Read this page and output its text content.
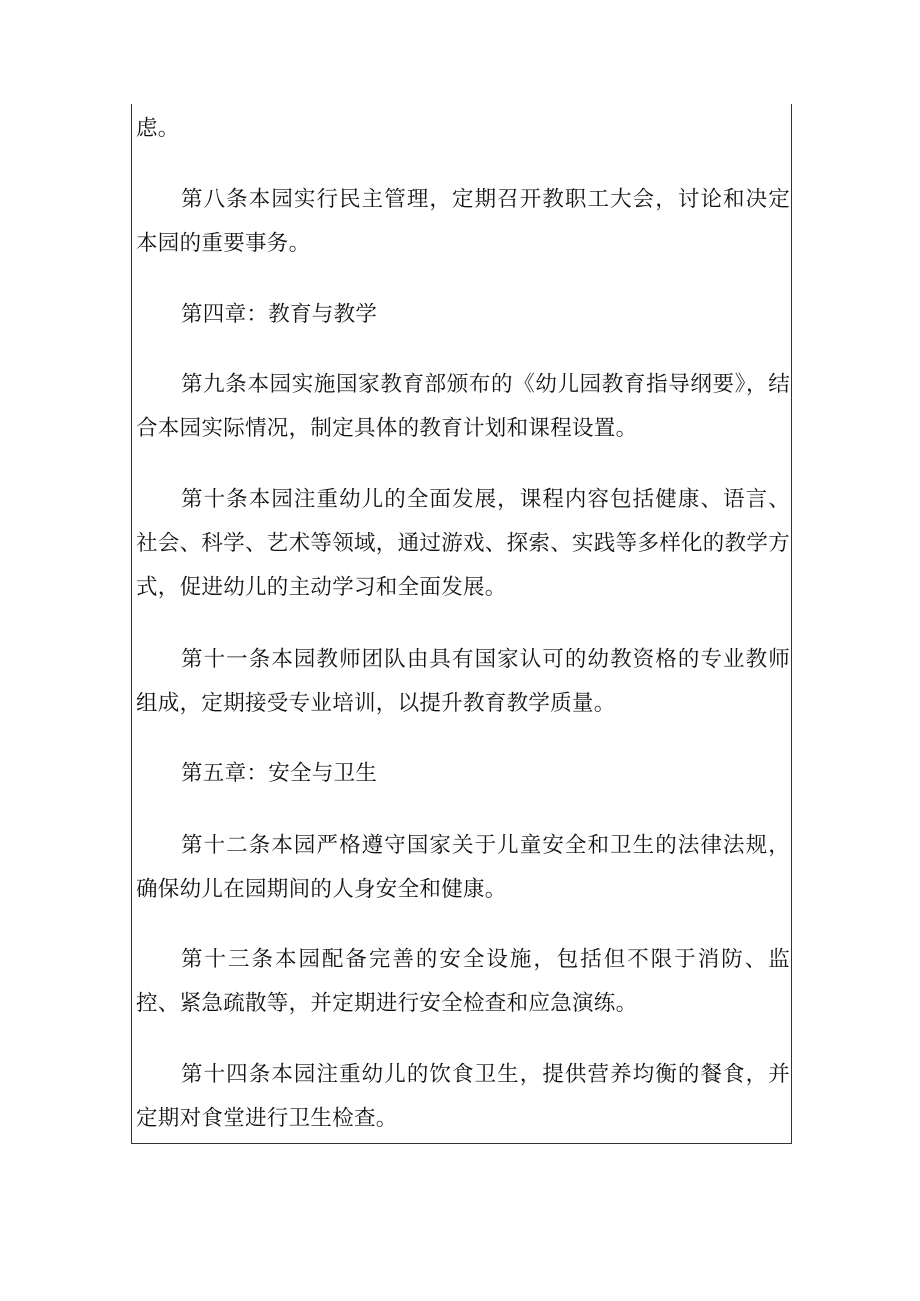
虑。

第八条本园实行民主管理，定期召开教职工大会，讨论和决定本园的重要事务。

第四章：教育与教学

第九条本园实施国家教育部颁布的《幼儿园教育指导纲要》，结合本园实际情况，制定具体的教育计划和课程设置。

第十条本园注重幼儿的全面发展，课程内容包括健康、语言、社会、科学、艺术等领域，通过游戏、探索、实践等多样化的教学方式，促进幼儿的主动学习和全面发展。

第十一条本园教师团队由具有国家认可的幼教资格的专业教师组成，定期接受专业培训，以提升教育教学质量。

第五章：安全与卫生

第十二条本园严格遵守国家关于儿童安全和卫生的法律法规，确保幼儿在园期间的人身安全和健康。

第十三条本园配备完善的安全设施，包括但不限于消防、监控、紧急疏散等，并定期进行安全检查和应急演练。

第十四条本园注重幼儿的饮食卫生，提供营养均衡的餐食，并定期对食堂进行卫生检查。
